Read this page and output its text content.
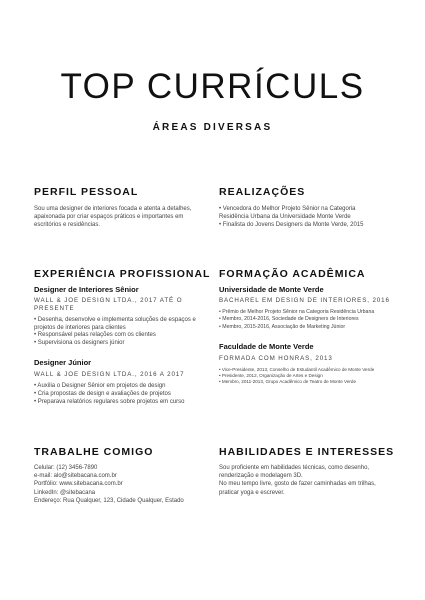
TOP CURRÍCULS
ÁREAS DIVERSAS
PERFIL PESSOAL
Sou uma designer de interiores focada e atenta a detalhes,
apaixonada por criar espaços práticos e importantes em
escritórios e residências.
REALIZAÇÕES
• Vencedora do Melhor Projeto Sênior na Categoria
Residência Urbana da Universidade Monte Verde
• Finalista do Jovens Designers da Monte Verde, 2015
EXPERIÊNCIA PROFISSIONAL
Designer de Interiores Sênior
WALL & JOE DESIGN LTDA., 2017 ATÉ O PRESENTE
• Desenha, desenvolve e implementa soluções de espaços e
projetos de interiores para clientes
• Responsável pelas relações com os clientes
• Supervisiona os designers júnior
Designer Júnior
WALL & JOE DESIGN LTDA., 2016 A 2017
• Auxilia o Designer Sênior em projetos de design
• Cria propostas de design e avaliações de projetos
• Preparava relatórios regulares sobre projetos em curso
FORMAÇÃO ACADÊMICA
Universidade de Monte Verde
BACHAREL EM DESIGN DE INTERIORES, 2016
• Prêmio de Melhor Projeto Sênior na Categoria Residência Urbana
• Membro, 2014-2016, Sociedade de Designers de Interiores
• Membro, 2015-2016, Associação de Marketing Júnior
Faculdade de Monte Verde
FORMADA COM HONRAS, 2013
• Vice-Presidente, 2013, Conselho de Estudantil Acadêmico de Monte Verde
• Presidente, 2012, Organização de Artes e Design
• Membro, 2011-2013, Grupo Acadêmico de Teatro de Monte Verde
TRABALHE COMIGO
Celular: (12) 3456-7890
e-mail: alo@sitebacana.com.br
Portfólio: www.sitebacana.com.br
LinkedIn: @sitebacana
Endereço: Rua Qualquer, 123, Cidade Qualquer, Estado
HABILIDADES E INTERESSES
Sou proficiente em habilidades técnicas, como desenho,
renderização e modelagem 3D.
No meu tempo livre, gosto de fazer caminhadas em trilhas,
praticar yoga e escrever.
